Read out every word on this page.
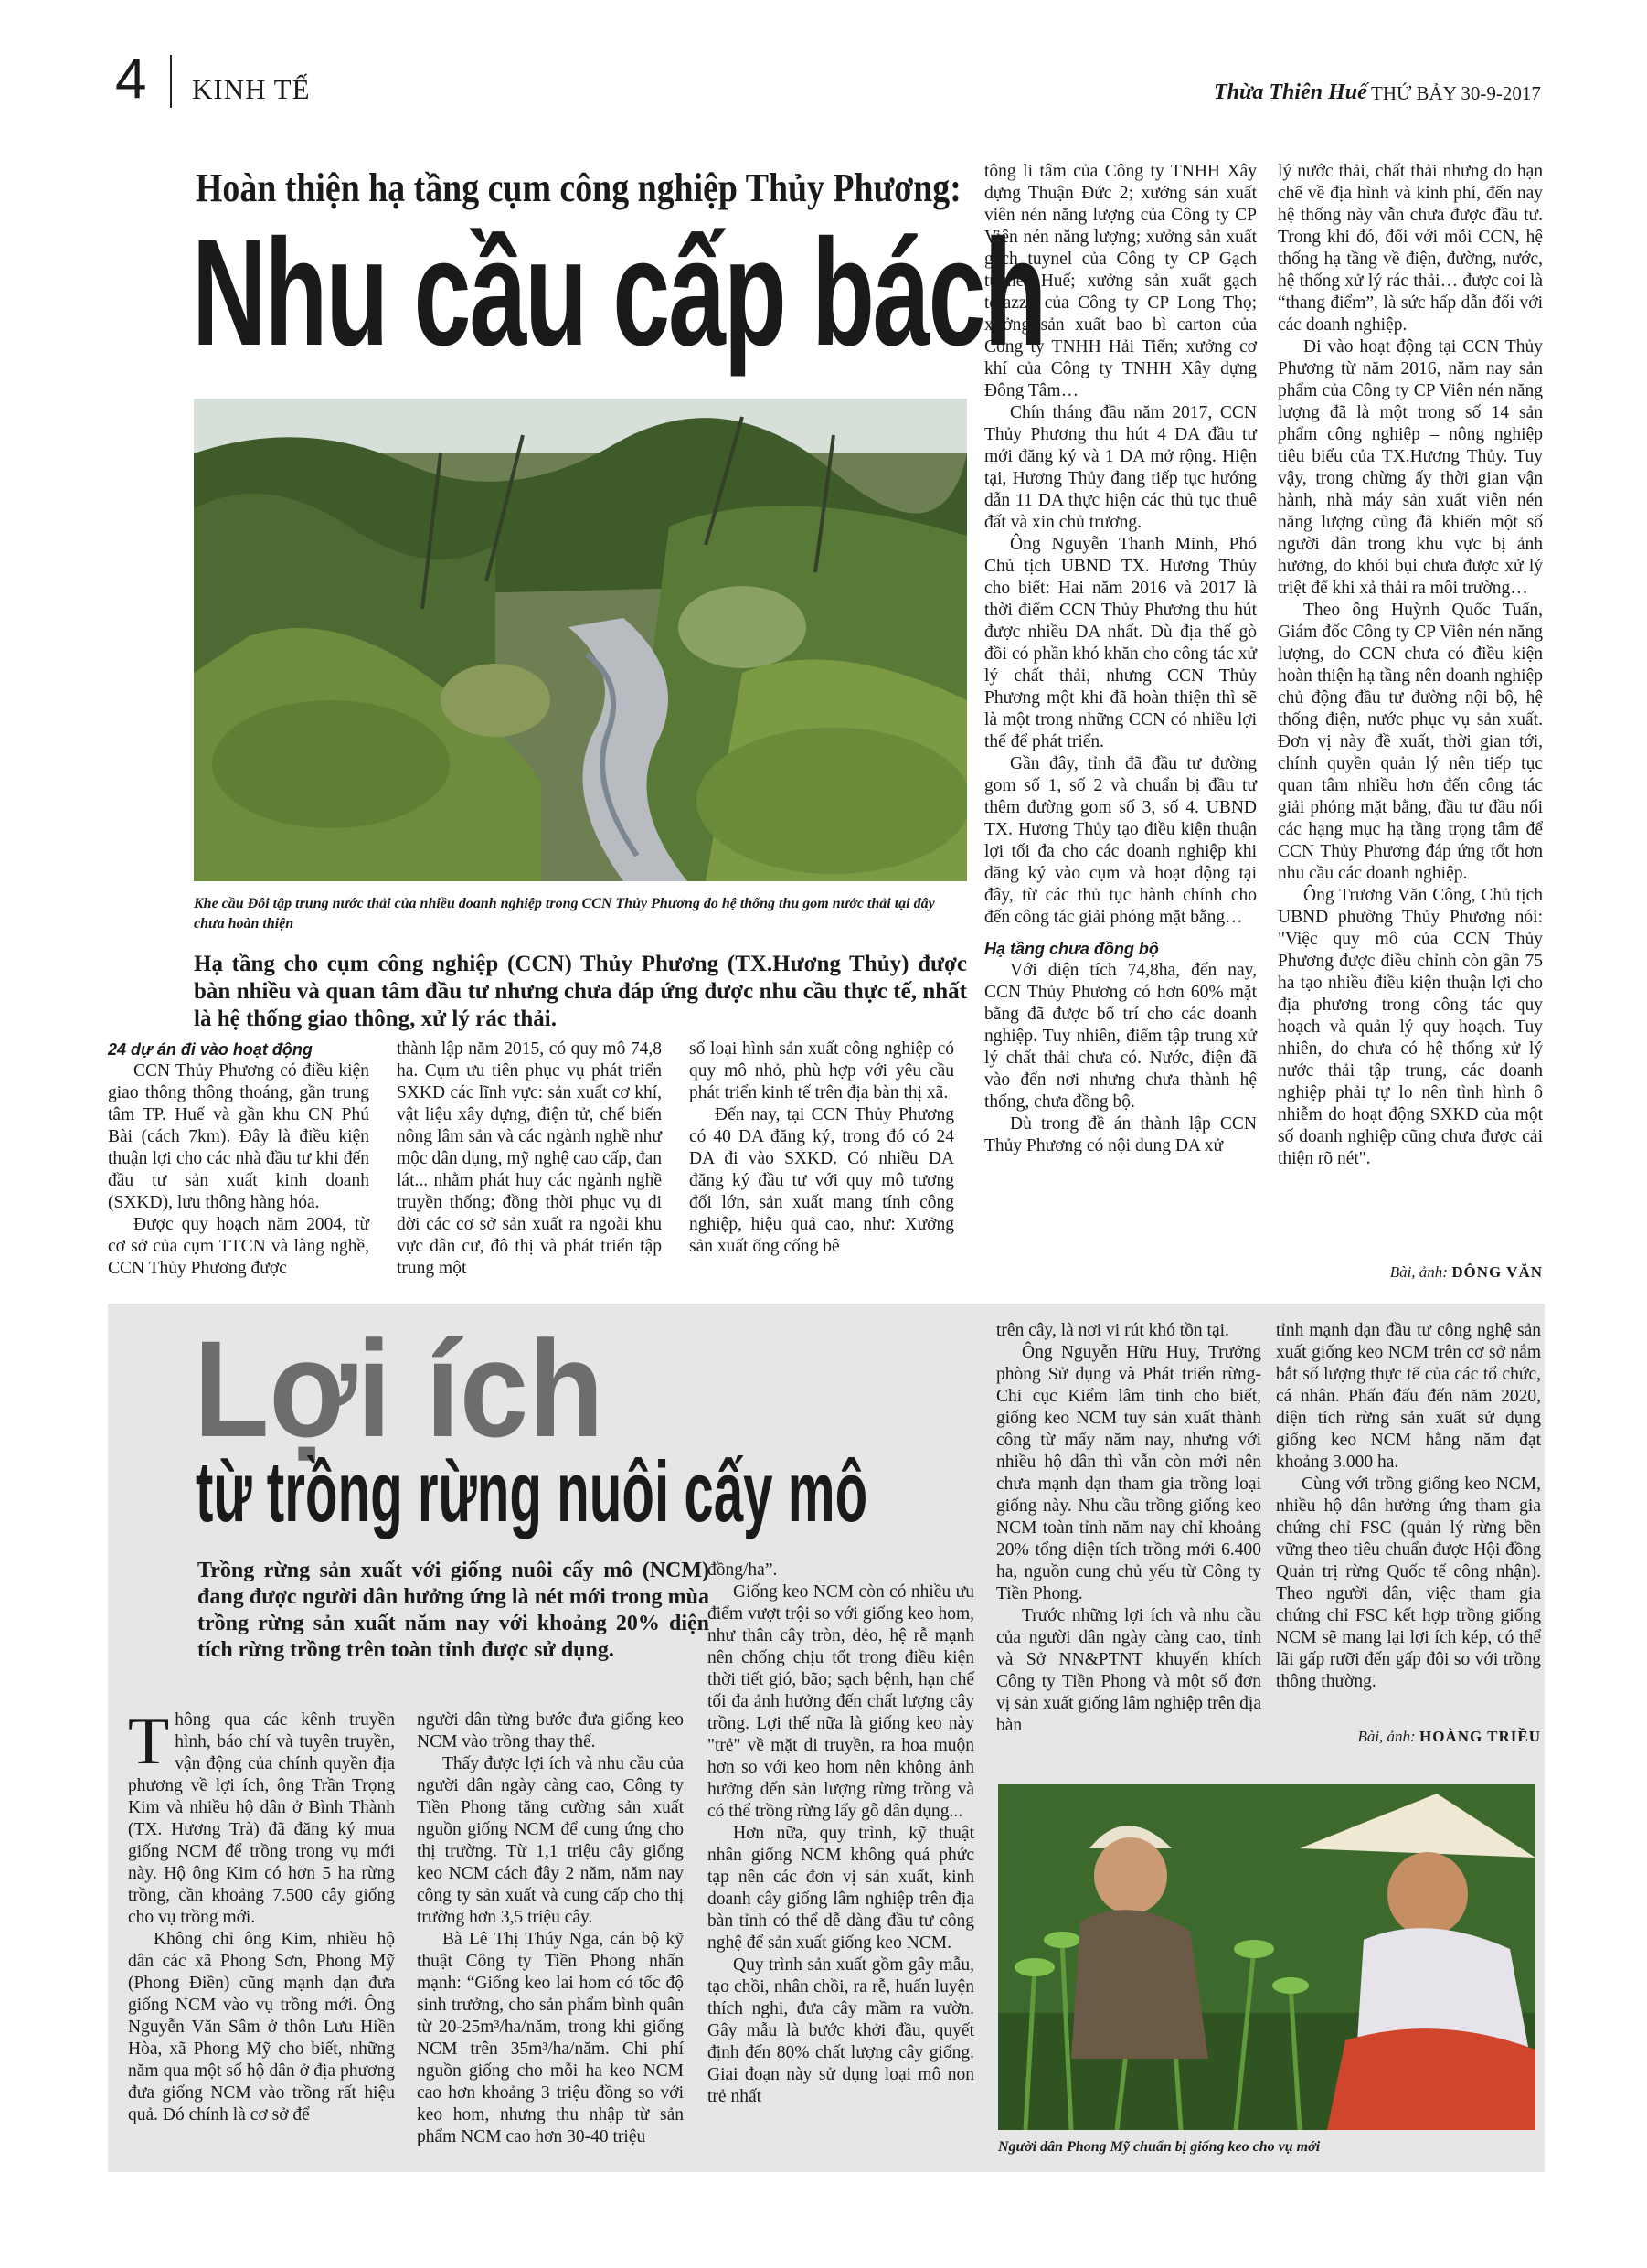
4 KINH TẾ	Thừa Thiên Huế THỨ BẢY 30-9-2017
Hoàn thiện hạ tầng cụm công nghiệp Thủy Phương:
Nhu cầu cấp bách
Khe cầu Đôi tập trung nước thải của nhiều doanh nghiệp trong CCN Thủy Phương do hệ thống thu gom nước thải tại đây chưa hoàn thiện
Hạ tầng cho cụm công nghiệp (CCN) Thủy Phương (TX.Hương Thủy) được bàn nhiều và quan tâm đầu tư nhưng chưa đáp ứng được nhu cầu thực tế, nhất là hệ thống giao thông, xử lý rác thải.

24 dự án đi vào hoạt động

CCN Thủy Phương có điều kiện giao thông thông thoáng, gần trung tâm TP. Huế và gần khu CN Phú Bài (cách 7km). Đây là điều kiện thuận lợi cho các nhà đầu tư khi đến đầu tư sản xuất kinh doanh (SXKD), lưu thông hàng hóa.

Được quy hoạch năm 2004, từ cơ sở của cụm TTCN và làng nghề, CCN Thủy Phương được

thành lập năm 2015, có quy mô 74,8 ha. Cụm ưu tiên phục vụ phát triển SXKD các lĩnh vực: sản xuất cơ khí, vật liệu xây dựng, điện tử, chế biến nông lâm sản và các ngành nghề như mộc dân dụng, mỹ nghệ cao cấp, đan lát... nhằm phát huy các ngành nghề truyền thống; đồng thời phục vụ di dời các cơ sở sản xuất ra ngoài khu vực dân cư, đô thị và phát triển tập trung một

số loại hình sản xuất công nghiệp có quy mô nhỏ, phù hợp với yêu cầu phát triển kinh tế trên địa bàn thị xã.

Đến nay, tại CCN Thủy Phương có 40 DA đăng ký, trong đó có 24 DA đi vào SXKD. Có nhiều DA đăng ký đầu tư với quy mô tương đối lớn, sản xuất mang tính công nghiệp, hiệu quả cao, như: Xưởng sản xuất ống cống bê

tông li tâm của Công ty TNHH Xây dựng Thuận Đức 2; xưởng sản xuất viên nén năng lượng của Công ty CP Viên nén năng lượng; xưởng sản xuất gạch tuynel của Công ty CP Gạch tuynel Huế; xưởng sản xuất gạch terazzo của Công ty CP Long Thọ; xưởng sản xuất bao bì carton của Công ty TNHH Hải Tiến; xưởng cơ khí của Công ty TNHH Xây dựng Đông Tâm…

Chín tháng đầu năm 2017, CCN Thủy Phương thu hút 4 DA đầu tư mới đăng ký và 1 DA mở rộng. Hiện tại, Hương Thủy đang tiếp tục hướng dẫn 11 DA thực hiện các thủ tục thuê đất và xin chủ trương.

Ông Nguyễn Thanh Minh, Phó Chủ tịch UBND TX. Hương Thủy cho biết: Hai năm 2016 và 2017 là thời điểm CCN Thủy Phương thu hút được nhiều DA nhất. Dù địa thế gò đồi có phần khó khăn cho công tác xử lý chất thải, nhưng CCN Thủy Phương một khi đã hoàn thiện thì sẽ là một trong những CCN có nhiều lợi thế để phát triển.

Gần đây, tỉnh đã đầu tư đường gom số 1, số 2 và chuẩn bị đầu tư thêm đường gom số 3, số 4. UBND TX. Hương Thủy tạo điều kiện thuận lợi tối đa cho các doanh nghiệp khi đăng ký vào cụm và hoạt động tại đây, từ các thủ tục hành chính cho đến công tác giải phóng mặt bằng…

Hạ tầng chưa đồng bộ

Với diện tích 74,8ha, đến nay, CCN Thủy Phương có hơn 60% mặt bằng đã được bố trí cho các doanh nghiệp. Tuy nhiên, điểm tập trung xử lý chất thải chưa có. Nước, điện đã vào đến nơi nhưng chưa thành hệ thống, chưa đồng bộ.

Dù trong đề án thành lập CCN Thủy Phương có nội dung DA xử

lý nước thải, chất thải nhưng do hạn chế về địa hình và kinh phí, đến nay hệ thống này vẫn chưa được đầu tư. Trong khi đó, đối với mỗi CCN, hệ thống hạ tầng về điện, đường, nước, hệ thống xử lý rác thải… được coi là “thang điểm”, là sức hấp dẫn đối với các doanh nghiệp.

Đi vào hoạt động tại CCN Thủy Phương từ năm 2016, năm nay sản phẩm của Công ty CP Viên nén năng lượng đã là một trong số 14 sản phẩm công nghiệp – nông nghiệp tiêu biểu của TX.Hương Thủy. Tuy vậy, trong chừng ấy thời gian vận hành, nhà máy sản xuất viên nén năng lượng cũng đã khiến một số người dân trong khu vực bị ảnh hưởng, do khói bụi chưa được xử lý triệt để khi xả thải ra môi trường…

Theo ông Huỳnh Quốc Tuấn, Giám đốc Công ty CP Viên nén năng lượng, do CCN chưa có điều kiện hoàn thiện hạ tầng nên doanh nghiệp chủ động đầu tư đường nội bộ, hệ thống điện, nước phục vụ sản xuất. Đơn vị này đề xuất, thời gian tới, chính quyền quản lý nên tiếp tục quan tâm nhiều hơn đến công tác giải phóng mặt bằng, đầu tư đầu nối các hạng mục hạ tầng trọng tâm để CCN Thủy Phương đáp ứng tốt hơn nhu cầu các doanh nghiệp.

Ông Trương Văn Công, Chủ tịch UBND phường Thủy Phương nói: "Việc quy mô của CCN Thủy Phương được điều chỉnh còn gần 75 ha tạo nhiều điều kiện thuận lợi cho địa phương trong công tác quy hoạch và quản lý quy hoạch. Tuy nhiên, do chưa có hệ thống xử lý nước thải tập trung, các doanh nghiệp phải tự lo nên tình hình ô nhiễm do hoạt động SXKD của một số doanh nghiệp cũng chưa được cải thiện rõ nét".

Bài, ảnh: ĐÔNG VĂN
Lợi ích
từ trồng rừng nuôi cấy mô
Trồng rừng sản xuất với giống nuôi cấy mô (NCM) đang được người dân hưởng ứng là nét mới trong mùa trồng rừng sản xuất năm nay với khoảng 20% diện tích rừng trồng trên toàn tỉnh được sử dụng.

Thông qua các kênh truyền hình, báo chí và tuyên truyền, vận động của chính quyền địa phương về lợi ích, ông Trần Trọng Kim và nhiều hộ dân ở Bình Thành (TX. Hương Trà) đã đăng ký mua giống NCM để trồng trong vụ mới này. Hộ ông Kim có hơn 5 ha rừng trồng, cần khoảng 7.500 cây giống cho vụ trồng mới.

Không chỉ ông Kim, nhiều hộ dân các xã Phong Sơn, Phong Mỹ (Phong Điền) cũng mạnh dạn đưa giống NCM vào vụ trồng mới. Ông Nguyễn Văn Sâm ở thôn Lưu Hiền Hòa, xã Phong Mỹ cho biết, những năm qua một số hộ dân ở địa phương đưa giống NCM vào trồng rất hiệu quả. Đó chính là cơ sở để

người dân từng bước đưa giống keo NCM vào trồng thay thế.

Thấy được lợi ích và nhu cầu của người dân ngày càng cao, Công ty Tiền Phong tăng cường sản xuất nguồn giống NCM để cung ứng cho thị trường. Từ 1,1 triệu cây giống keo NCM cách đây 2 năm, năm nay công ty sản xuất và cung cấp cho thị trường hơn 3,5 triệu cây.

Bà Lê Thị Thúy Nga, cán bộ kỹ thuật Công ty Tiền Phong nhấn mạnh: “Giống keo lai hom có tốc độ sinh trưởng, cho sản phẩm bình quân từ 20-25m³/ha/năm, trong khi giống NCM trên 35m³/ha/năm. Chi phí nguồn giống cho mỗi ha keo NCM cao hơn khoảng 3 triệu đồng so với keo hom, nhưng thu nhập từ sản phẩm NCM cao hơn 30-40 triệu

đồng/ha”.

Giống keo NCM còn có nhiều ưu điểm vượt trội so với giống keo hom, như thân cây tròn, dẻo, hệ rễ mạnh nên chống chịu tốt trong điều kiện thời tiết gió, bão; sạch bệnh, hạn chế tối đa ảnh hưởng đến chất lượng cây trồng. Lợi thế nữa là giống keo này "trẻ" về mặt di truyền, ra hoa muộn hơn so với keo hom nên không ảnh hưởng đến sản lượng rừng trồng và có thể trồng rừng lấy gỗ dân dụng...

Hơn nữa, quy trình, kỹ thuật nhân giống NCM không quá phức tạp nên các đơn vị sản xuất, kinh doanh cây giống lâm nghiệp trên địa bàn tỉnh có thể dễ dàng đầu tư công nghệ để sản xuất giống keo NCM.

Quy trình sản xuất gồm gây mẫu, tạo chồi, nhân chồi, ra rễ, huấn luyện thích nghi, đưa cây mầm ra vườn. Gây mẫu là bước khởi đầu, quyết định đến 80% chất lượng cây giống. Giai đoạn này sử dụng loại mô non trẻ nhất

trên cây, là nơi vi rút khó tồn tại.

Ông Nguyễn Hữu Huy, Trưởng phòng Sử dụng và Phát triển rừng-Chi cục Kiểm lâm tỉnh cho biết, giống keo NCM tuy sản xuất thành công từ mấy năm nay, nhưng với nhiều hộ dân thì vẫn còn mới nên chưa mạnh dạn tham gia trồng loại giống này. Nhu cầu trồng giống keo NCM toàn tỉnh năm nay chỉ khoảng 20% tổng diện tích trồng mới 6.400 ha, nguồn cung chủ yếu từ Công ty Tiền Phong.

Trước những lợi ích và nhu cầu của người dân ngày càng cao, tỉnh và Sở NN&PTNT khuyến khích Công ty Tiền Phong và một số đơn vị sản xuất giống lâm nghiệp trên địa bàn

tỉnh mạnh dạn đầu tư công nghệ sản xuất giống keo NCM trên cơ sở nắm bắt số lượng thực tế của các tổ chức, cá nhân. Phấn đấu đến năm 2020, diện tích rừng sản xuất sử dụng giống keo NCM hằng năm đạt khoảng 3.000 ha.

Cùng với trồng giống keo NCM, nhiều hộ dân hưởng ứng tham gia chứng chỉ FSC (quản lý rừng bền vững theo tiêu chuẩn được Hội đồng Quản trị rừng Quốc tế công nhận). Theo người dân, việc tham gia chứng chỉ FSC kết hợp trồng giống NCM sẽ mang lại lợi ích kép, có thể lãi gấp rưỡi đến gấp đôi so với trồng thông thường.

Bài, ảnh: HOÀNG TRIỀU
Người dân Phong Mỹ chuẩn bị giống keo cho vụ mới
